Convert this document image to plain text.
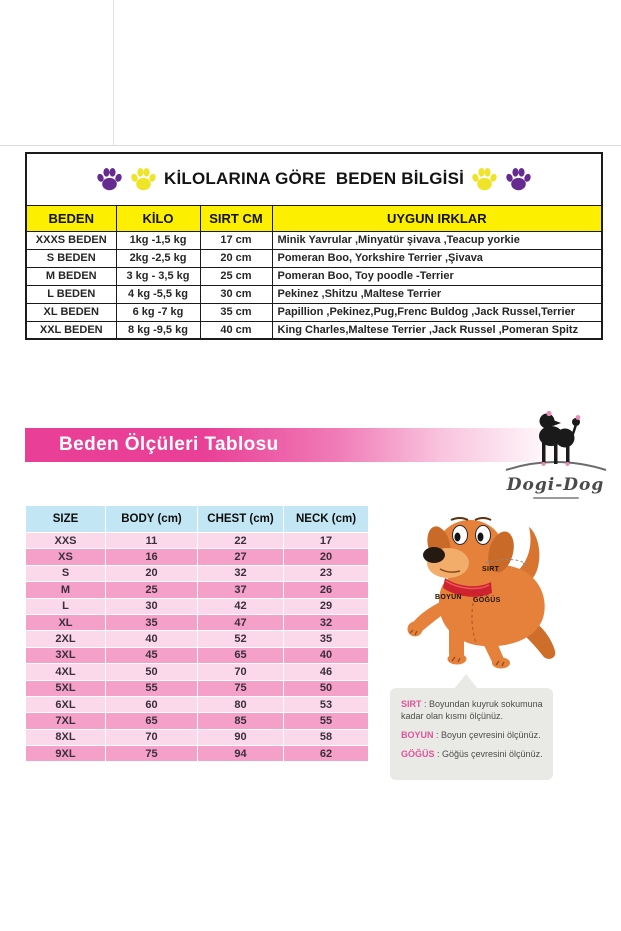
KİLOLARINA GÖRE  BEDEN BİLGİSİ			

BEDEN	KİLO	SIRT CM	UYGUN IRKLAR
XXXS BEDEN	1kg -1,5 kg	17 cm	Minik Yavrular ,Minyatür şivava ,Teacup yorkie
S BEDEN	2kg -2,5 kg	20 cm	Pomeran Boo, Yorkshire Terrier ,Şivava
M BEDEN	3 kg - 3,5 kg	25 cm	Pomeran Boo, Toy poodle -Terrier
L BEDEN	4 kg -5,5 kg	30 cm	Pekinez ,Shitzu ,Maltese Terrier
XL BEDEN	6 kg -7 kg	35 cm	Papillion ,Pekinez,Pug,Frenc Buldog ,Jack Russel,Terrier
XXL BEDEN	8 kg -9,5 kg	40 cm	King Charles,Maltese Terrier ,Jack Russel ,Pomeran Spitz
Beden Ölçüleri Tablosu
Dogi-Dog
SIZE	BODY (cm)	CHEST (cm)	NECK (cm)
XXS	11	22	17
XS	16	27	20
S	20	32	23
M	25	37	26
L	30	42	29
XL	35	47	32
2XL	40	52	35
3XL	45	65	40
4XL	50	70	46
5XL	55	75	50
6XL	60	80	53
7XL	65	85	55
8XL	70	90	58
9XL	75	94	62
SIRT
BOYUN GÖĞÜS

SIRT : Boyundan kuyruk sokumuna kadar olan kısmı ölçünüz.

BOYUN : Boyun çevresini ölçünüz.

GÖĞÜS : Göğüs çevresini ölçünüz.
